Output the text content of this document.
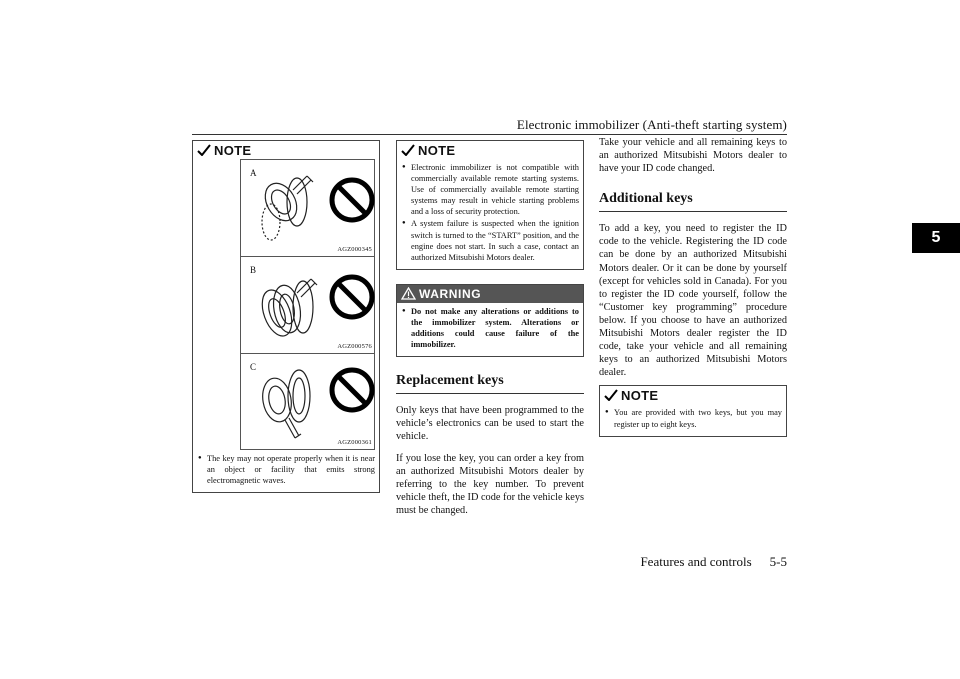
Electronic immobilizer (Anti-theft starting system)
5
NOTE
A
AGZ000345
B
AGZ000576
C
AGZ000361
● The key may not operate properly when it is near an object or facility that emits strong electromagnetic waves.
NOTE
● Electronic immobilizer is not compatible with commercially available remote starting systems. Use of commercially available remote starting systems may result in vehicle starting problems and a loss of security protection.
● A system failure is suspected when the ignition switch is turned to the “START” position, and the engine does not start. In such a case, contact an authorized Mitsubishi Motors dealer.
WARNING
● Do not make any alterations or additions to the immobilizer system. Alterations or additions could cause failure of the immobilizer.
Replacement keys

Only keys that have been programmed to the vehicle’s electronics can be used to start the vehicle.

If you lose the key, you can order a key from an authorized Mitsubishi Motors dealer by referring to the key number. To prevent vehicle theft, the ID code for the vehicle keys must be changed.

Take your vehicle and all remaining keys to an authorized Mitsubishi Motors dealer to have your ID code changed.

Additional keys

To add a key, you need to register the ID code to the vehicle. Registering the ID code can be done by an authorized Mitsubishi Motors dealer. Or it can be done by yourself (except for vehicles sold in Canada). For you to register the ID code yourself, follow the “Customer key programming” procedure below. If you choose to have an authorized Mitsubishi Motors dealer register the ID code, take your vehicle and all remaining keys to an authorized Mitsubishi Motors dealer.

NOTE
● You are provided with two keys, but you may register up to eight keys.
Features and controls 5-5
